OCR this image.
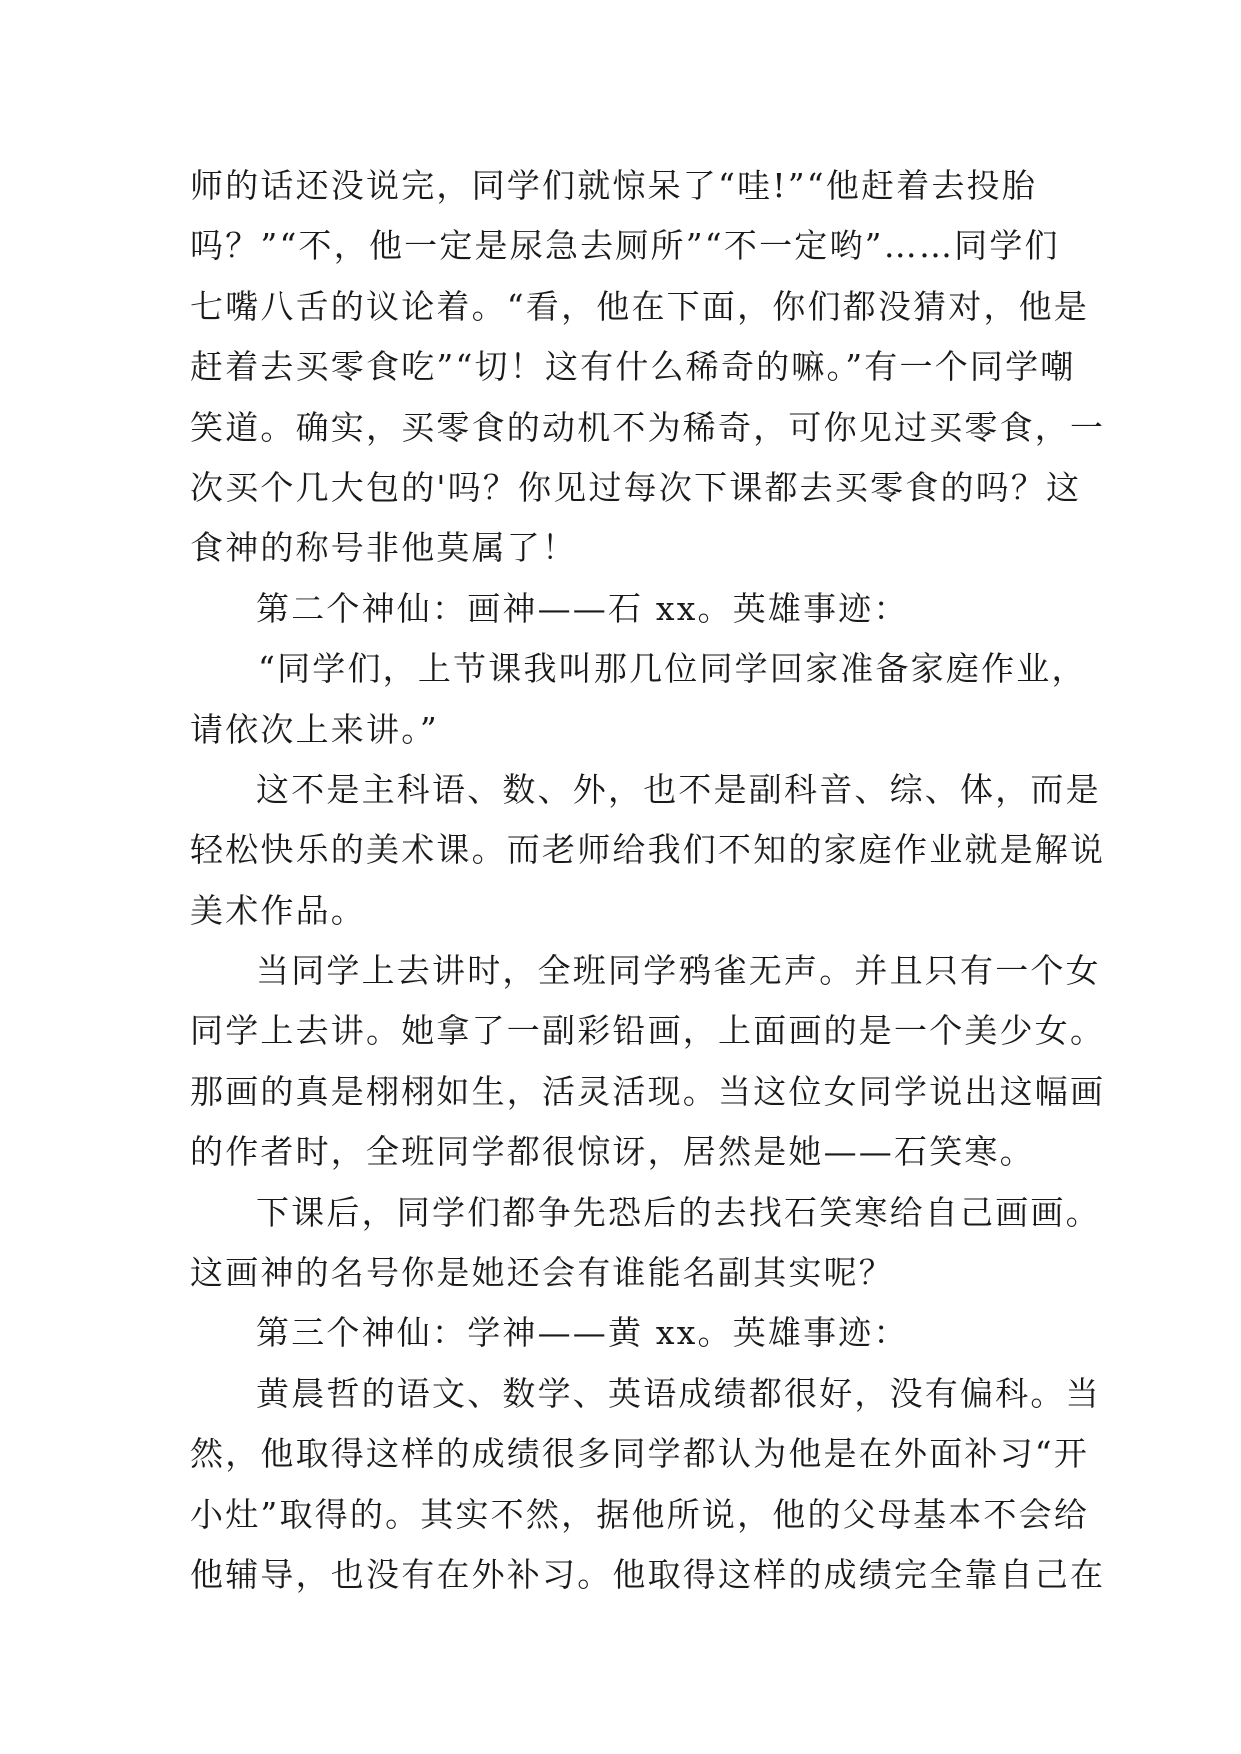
师的话还没说完，同学们就惊呆了“哇!”“他赶着去投胎
吗？”“不，他一定是尿急去厕所”“不一定哟”……同学们
七嘴八舌的议论着。“看，他在下面，你们都没猜对，他是
赶着去买零食吃”“切！这有什么稀奇的嘛。”有一个同学嘲
笑道。确实，买零食的动机不为稀奇，可你见过买零食，一
次买个几大包的'吗？你见过每次下课都去买零食的吗？这
食神的称号非他莫属了！
第二个神仙：画神——石 xx。英雄事迹：
“同学们，上节课我叫那几位同学回家准备家庭作业，
请依次上来讲。”
这不是主科语、数、外，也不是副科音、综、体，而是
轻松快乐的美术课。而老师给我们不知的家庭作业就是解说
美术作品。
当同学上去讲时，全班同学鸦雀无声。并且只有一个女
同学上去讲。她拿了一副彩铅画，上面画的是一个美少女。
那画的真是栩栩如生，活灵活现。当这位女同学说出这幅画
的作者时，全班同学都很惊讶，居然是她——石笑寒。
下课后，同学们都争先恐后的去找石笑寒给自己画画。
这画神的名号你是她还会有谁能名副其实呢？
第三个神仙：学神——黄 xx。英雄事迹：
黄晨哲的语文、数学、英语成绩都很好，没有偏科。当
然，他取得这样的成绩很多同学都认为他是在外面补习“开
小灶”取得的。其实不然，据他所说，他的父母基本不会给
他辅导，也没有在外补习。他取得这样的成绩完全靠自己在
